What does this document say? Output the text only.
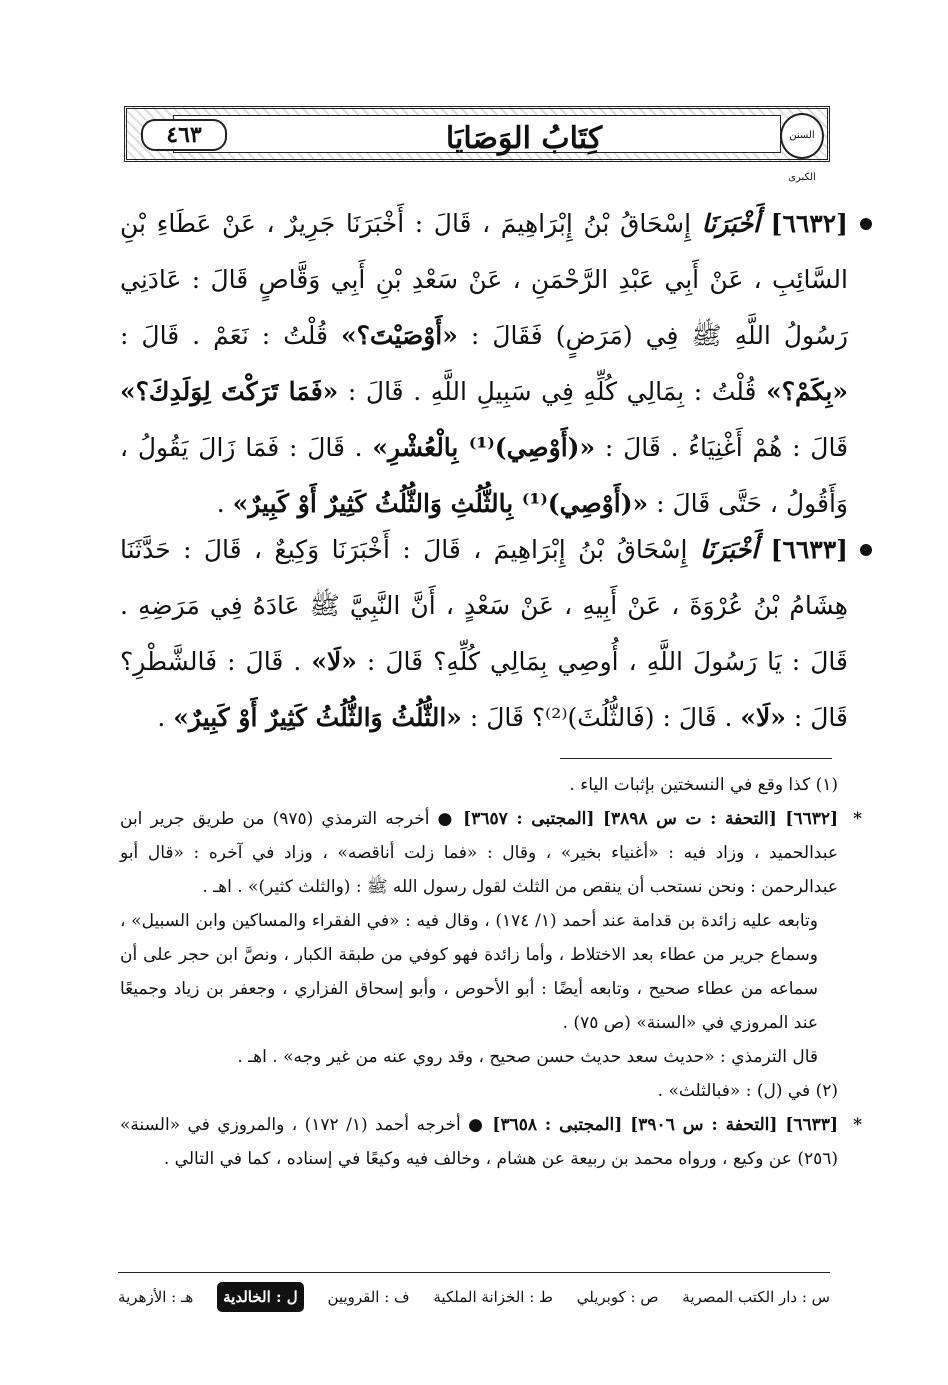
السنن الكبرى
كِتَابُ الوَصَايَا
٤٦٣
[٦٦٣٢] أَخْبَرَنَا إِسْحَاقُ بْنُ إِبْرَاهِيمَ ، قَالَ : أَخْبَرَنَا جَرِيرٌ ، عَنْ عَطَاءِ بْنِ السَّائِبِ ، عَنْ أَبِي عَبْدِ الرَّحْمَنِ ، عَنْ سَعْدِ بْنِ أَبِي وَقَّاصٍ قَالَ : عَادَنِي رَسُولُ اللَّهِ ﷺ فِي (مَرَضٍ) فَقَالَ : «أَوْصَيْتَ؟» قُلْتُ : نَعَمْ . قَالَ : «بِكَمْ؟» قُلْتُ : بِمَالِي كُلِّهِ فِي سَبِيلِ اللَّهِ . قَالَ : «فَمَا تَرَكْتَ لِوَلَدِكَ؟» قَالَ : هُمْ أَغْنِيَاءُ . قَالَ : «(أَوْصِي)⁽¹⁾ بِالْعُشْرِ» . قَالَ : فَمَا زَالَ يَقُولُ ، وَأَقُولُ ، حَتَّى قَالَ : «(أَوْصِي)⁽¹⁾ بِالثُّلُثِ وَالثُّلُثُ كَثِيرٌ أَوْ كَبِيرٌ» .
[٦٦٣٣] أَخْبَرَنَا إِسْحَاقُ بْنُ إِبْرَاهِيمَ ، قَالَ : أَخْبَرَنَا وَكِيعٌ ، قَالَ : حَدَّثَنَا هِشَامُ بْنُ عُرْوَةَ ، عَنْ أَبِيهِ ، عَنْ سَعْدٍ ، أَنَّ النَّبِيَّ ﷺ عَادَهُ فِي مَرَضِهِ . قَالَ : يَا رَسُولَ اللَّهِ ، أُوصِي بِمَالِي كُلِّهِ؟ قَالَ : «لَا» . قَالَ : فَالشَّطْرِ؟ قَالَ : «لَا» . قَالَ : (فَالثُّلُثَ)⁽²⁾؟ قَالَ : «الثُّلُثُ وَالثُّلُثُ كَثِيرٌ أَوْ كَبِيرٌ» .
(١) كذا وقع في النسختين بإثبات الياء .
*
[٦٦٣٢] [التحفة : ت س ٣٨٩٨] [المجتبى : ٣٦٥٧] ● أخرجه الترمذي (٩٧٥) من طريق جرير ابن عبدالحميد ، وزاد فيه : «أغنياء بخير» ، وقال : «فما زلت أناقصه» ، وزاد في آخره : «قال أبو عبدالرحمن : ونحن نستحب أن ينقص من الثلث لقول رسول الله ﷺ : (والثلث كثير)» . اهـ .
وتابعه عليه زائدة بن قدامة عند أحمد (١/ ١٧٤) ، وقال فيه : «في الفقراء والمساكين وابن السبيل» ، وسماع جرير من عطاء بعد الاختلاط ، وأما زائدة فهو كوفي من طبقة الكبار ، ونصَّ ابن حجر على أن سماعه من عطاء صحيح ، وتابعه أيضًا : أبو الأحوص ، وأبو إسحاق الفزاري ، وجعفر بن زياد وجميعًا عند المروزي في «السنة» (ص ٧٥) .
قال الترمذي : «حديث سعد حديث حسن صحيح ، وقد روي عنه من غير وجه» . اهـ .
(٢) في (ل) : «فبالثلث» .
*
[٦٦٣٣] [التحفة : س ٣٩٠٦] [المجتبى : ٣٦٥٨] ● أخرجه أحمد (١/ ١٧٢) ، والمروزي في «السنة» (٢٥٦) عن وكيع ، ورواه محمد بن ربيعة عن هشام ، وخالف فيه وكيعًا في إسناده ، كما في التالي .
س : دار الكتب المصرية
ص : كوبريلي
ط : الخزانة الملكية
ف : القرويين
ل : الخالدية
هـ : الأزهرية
